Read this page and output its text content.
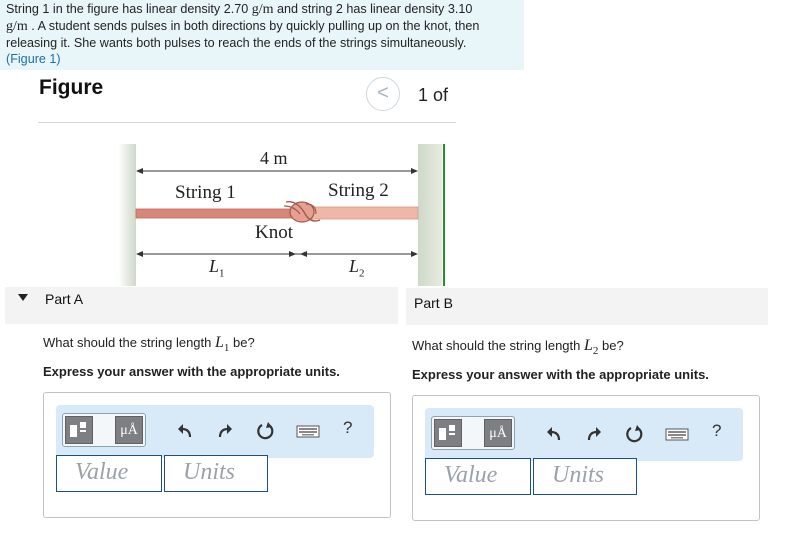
String 1 in the figure has linear density 2.70 g/m and string 2 has linear density 3.10
g/m . A student sends pulses in both directions by quickly pulling up on the knot, then releasing it. She wants both pulses to reach the ends of the strings simultaneously.
(Figure 1)
Figure	<	1 of
4 m
String 1	String 2
Knot
$L_1$	$L_2$
Part A
What should the string length $L_1$ be?
Express your answer with the appropriate units.
μÅ	?
Value	Units
Part B
What should the string length $L_2$ be?
Express your answer with the appropriate units.
μÅ	?
Value	Units
